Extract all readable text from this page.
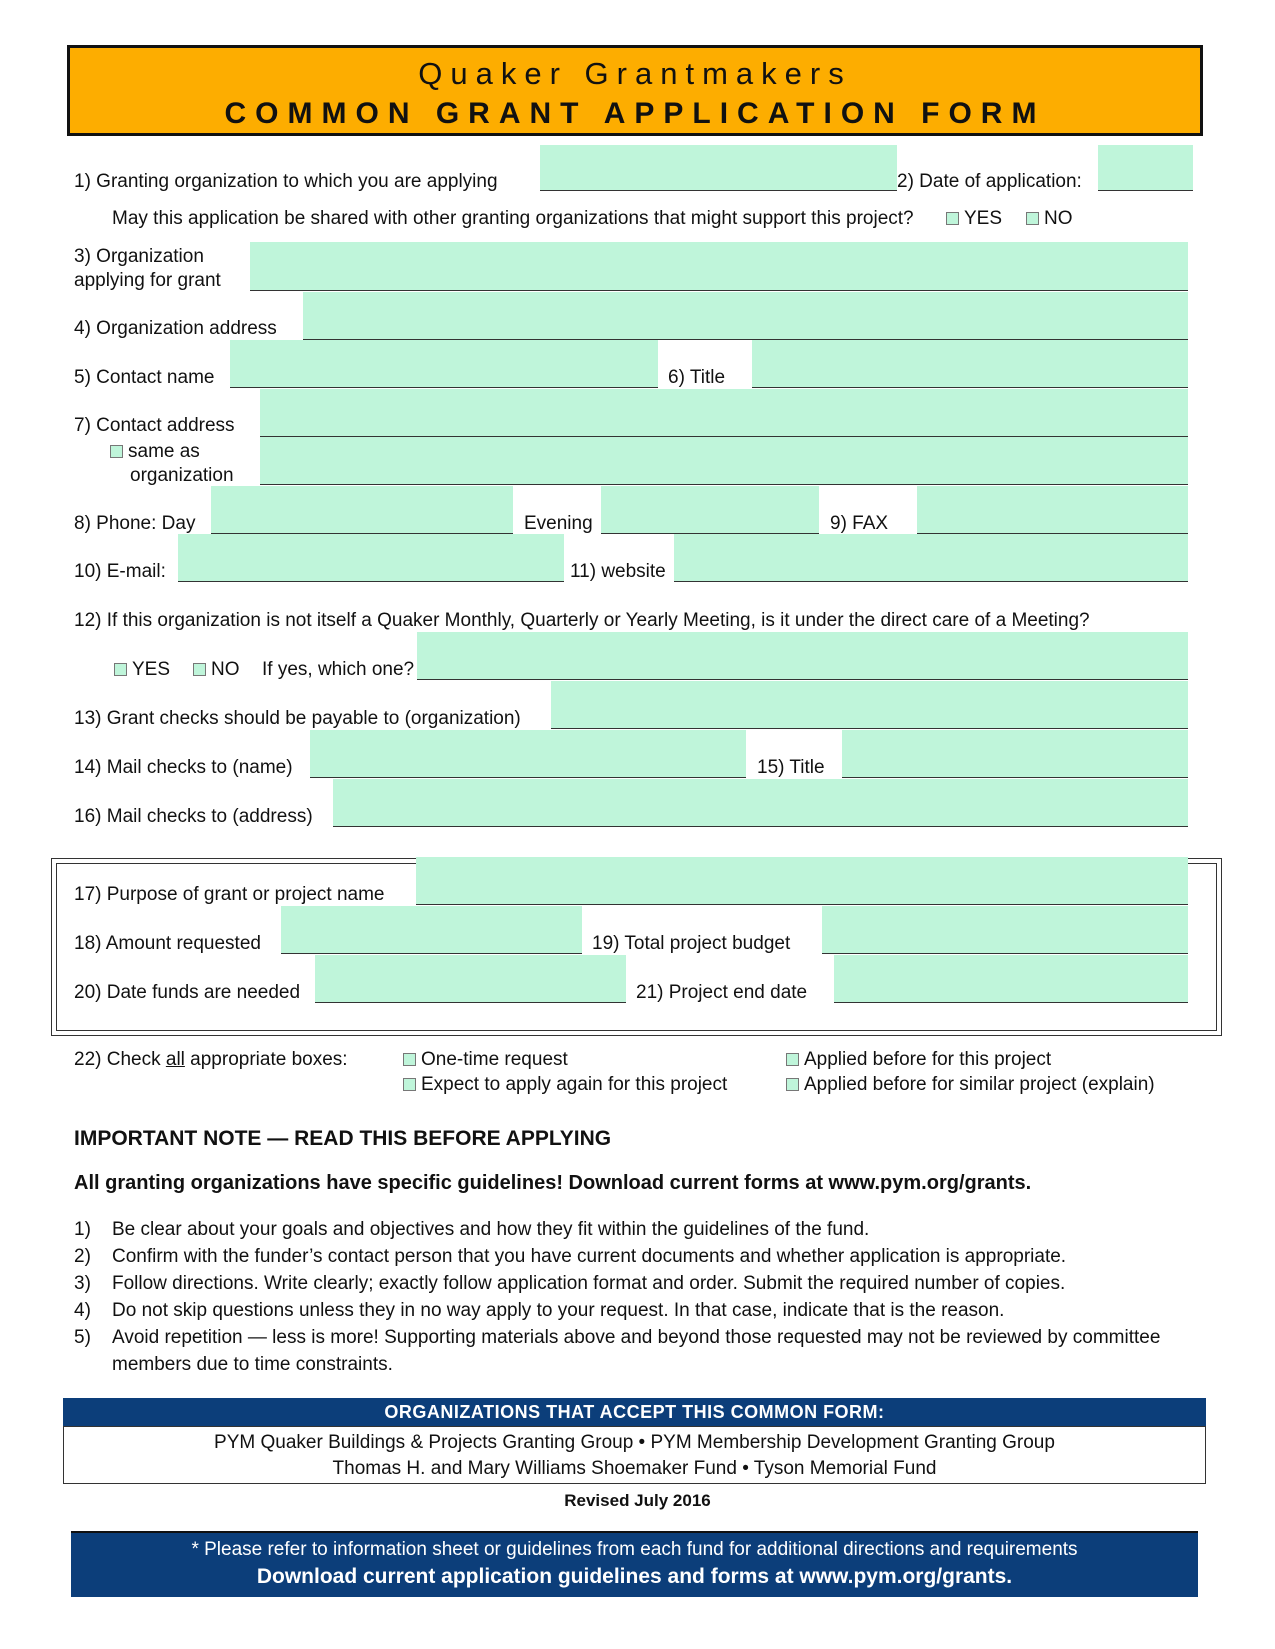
Quaker Grantmakers
COMMON GRANT APPLICATION FORM
1) Granting organization to which you are applying	2) Date of application:
May this application be shared with other granting organizations that might support this project?	YES	NO
3) Organization
applying for grant
4) Organization address
5) Contact name	6) Title
7) Contact address
same as
organization
8) Phone: Day	Evening	9) FAX
10) E-mail:	11) website
12) If this organization is not itself a Quaker Monthly, Quarterly or Yearly Meeting, is it under the direct care of a Meeting?
YES	NO If yes, which one?
13) Grant checks should be payable to (organization)
14) Mail checks to (name)	15) Title
16) Mail checks to (address)
17) Purpose of grant or project name
18) Amount requested	19) Total project budget
20) Date funds are needed	21) Project end date
22) Check all appropriate boxes:	One-time request
Expect to apply again for this project
Applied before for this project
Applied before for similar project (explain)
IMPORTANT NOTE — READ THIS BEFORE APPLYING
All granting organizations have specific guidelines! Download current forms at www.pym.org/grants.
1) Be clear about your goals and objectives and how they fit within the guidelines of the fund.
2) Confirm with the funder’s contact person that you have current documents and whether application is appropriate.
3) Follow directions. Write clearly; exactly follow application format and order. Submit the required number of copies.
4) Do not skip questions unless they in no way apply to your request. In that case, indicate that is the reason.
5) Avoid repetition — less is more! Supporting materials above and beyond those requested may not be reviewed by committee members due to time constraints.
ORGANIZATIONS THAT ACCEPT THIS COMMON FORM:
PYM Quaker Buildings & Projects Granting Group • PYM Membership Development Granting Group
Thomas H. and Mary Williams Shoemaker Fund • Tyson Memorial Fund
Revised July 2016
* Please refer to information sheet or guidelines from each fund for additional directions and requirements
Download current application guidelines and forms at www.pym.org/grants.
